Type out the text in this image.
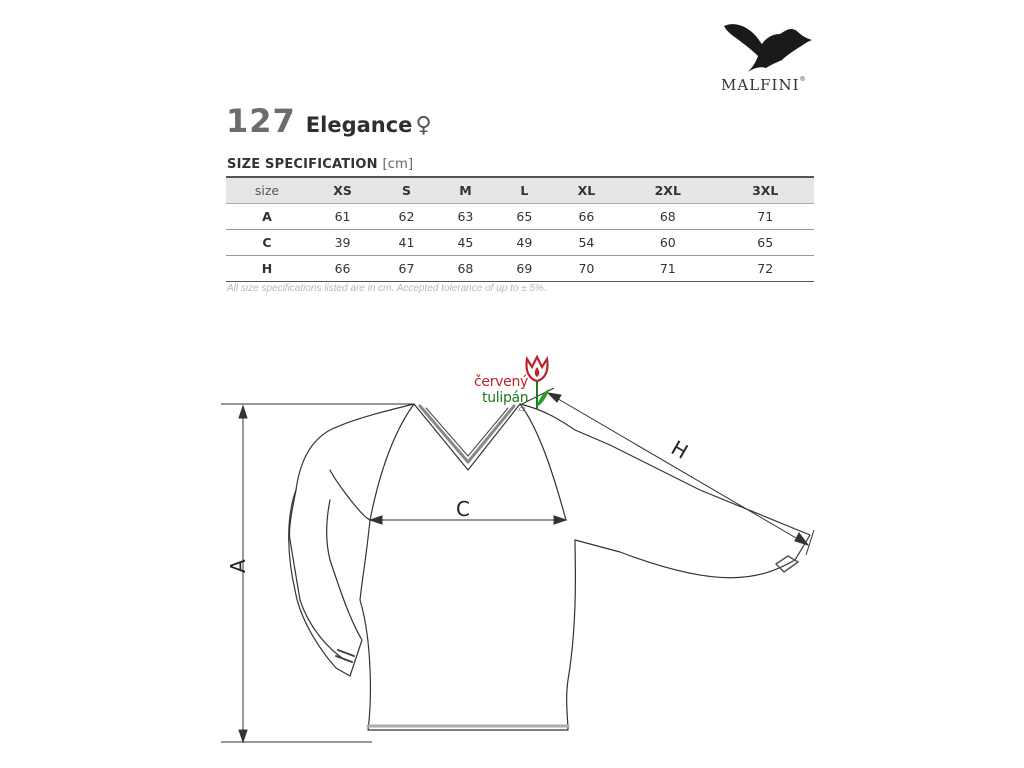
MALFINI®
127 Elegance ♀
SIZE SPECIFICATION [cm]
size	XS	S	M	L	XL	2XL	3XL
A	61	62	63	65	66	68	71
C	39	41	45	49	54	60	65
H	66	67	68	69	70	71	72
All size specifications listed are in cm. Accepted tolerance of up to ± 5%.
A
C
H
červený
tulipán
.cz
